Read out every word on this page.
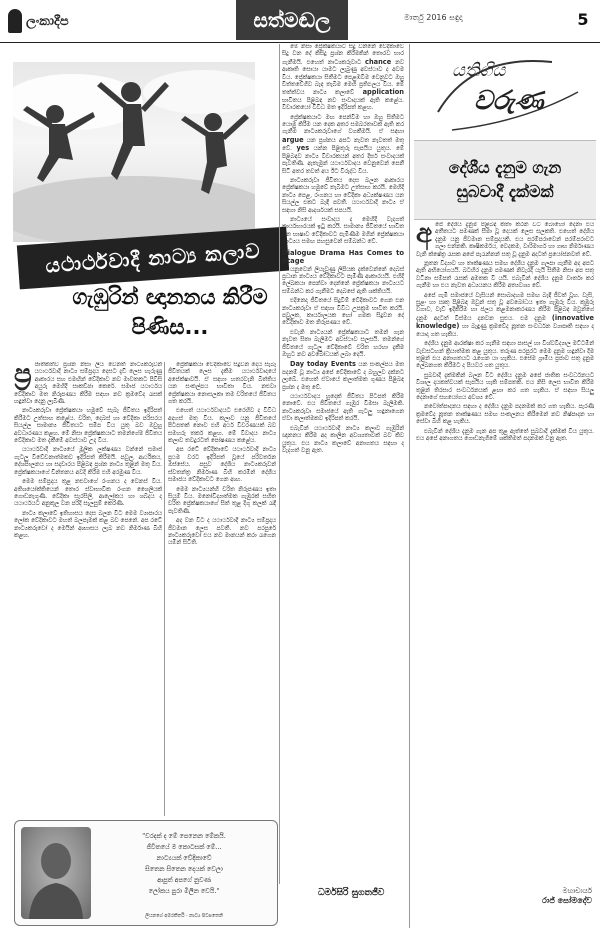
ලංකාදීප	සත්මඬල	මාර්තු 2016 සඳුදා	5
යථාර්ථවාදී නාට්‍ය කලාව
ගැඹුරින් ඥානනය කිරීම
පිණිස...

ප්‍ර ජාතිකත්ව ප්‍රශ්න නිසා ලිය වෙනත් නාට්‍යකරුවන් යථාර්ථවාදී නාට්‍ය සම්ප්‍රදාය දෙසට දැඩි ලෙස හැරුණු ආකාරය සහ එමඟින් වේදිකාව නව මාවතකට පිවිසි අයුරු මෙහිදී සාකච්ඡා කෙරේ. සමාජ යථාර්ථය වේදිකාව මත නිරූපණය කිරීම සඳහා නව ක්‍රමවේද රැසක් හඳුන්වා දෙනු ලැබිණි.

නාට්‍යකරුවා ප්‍රේක්ෂකයා හමුවේ සැබෑ ජීවිතය ඉදිරිපත් කිරීමට උත්සාහ කළේය. චරිත, දෙබස් හා වේදිකා පරිසරය සියල්ල සාමාන්‍ය ජීවිතයට සමීප විය යුතු බව ඔවුහු අවධාරණය කළහ. මේ නිසා ප්‍රේක්ෂකයාට තමන්ගේම ජීවිතය වේදිකාව මත දැකීමේ අවස්ථාව උදා විය.

යථාර්ථවාදී නාට්‍යයේ මූලික ලක්ෂණය වන්නේ සමාජ ගැටලු විවේචනාත්මකව ඉදිරිපත් කිරීමයි. පවුල, ආර්ථිකය, දේශපාලනය හා සදාචාරය පිළිබඳ ප්‍රශ්න නාට්‍ය තුළින් මතු විය. ප්‍රේක්ෂකයාගේ චින්තනය අවදි කිරීම එහි අරමුණ විය.

මෙම සම්ප්‍රදාය තුළ නළුවාගේ රංගනය ද වෙනස් විය. අතිශයෝක්තියෙන් තොර ස්වාභාවික රංගන ශෛලියක් ගොඩනැගුණි. වේදිකා සැරසිලි, ආලෝකය හා ශබ්දය ද යථාර්ථයට අනුකූල වන පරිදි සැලසුම් කෙරිණි.

නාට්‍ය කලාවේ ඉතිහාසය දෙස බලන විට මෙම ව්‍යාපාරය ලෝක වේදිකාවට මහත් බලපෑමක් කළ බව පෙනේ. අප රටේ නාට්‍යකරුවෝ ද මෙයින් ආභාසය ලැබ නව නිර්මාණ බිහි කළහ.

ප්‍රේක්ෂකයා වේදිකාවේ සිදුවන දෙය සැබෑ ජීවිතයක් ලෙස දැකීම යථාර්ථවාදයේ අපේක්ෂාවයි. ඒ සඳහා හතරවැනි බිත්තිය යන සංකල්පය භාවිතා විය. නළුවා ප්‍රේක්ෂකයා නොසලකා තම චරිතයේ ජීවිතය ගත කරයි.

එහෙත් යථාර්ථවාදයට එරෙහිව ද විවිධ අදහස් මතු විය. කලාව යනු ජීවිතයේ පිටපතක් නොව එහි අර්ථ විවරණයක් බව සමහරු තර්ක කළහ. මේ විවාදය නාට්‍ය කලාව තවදුරටත් පෝෂණය කළේය.

අප රටේ වේදිකාවේ යථාර්ථවාදී නාට්‍ය ප්‍රථම වරට ඉදිරිපත් වූයේ පරිවර්තන ඔස්සේය. පසුව දේශීය නාට්‍යකරුවන් ස්වතන්ත්‍ර නිර්මාණ බිහි කරමින් දේශීය සමාජය වේදිකාවට ගෙන ආහ.

මෙම නාට්‍යයන්හි චරිත නිරූපණය ඉතා සියුම් විය. මනෝවිද්‍යාත්මක ගැඹුරක් සහිත චරිත ප්‍රේක්ෂකයාගේ සිත් තුළ දිගු කලක් රැඳී පැවතිණි.

අද වන විට ද යථාර්ථවාදී නාට්‍ය සම්ප්‍රදාය ජීවමාන ලෙස පවතී. නව පරපුරේ නාට්‍යකරුවෝ එය නව මානයන් කරා රැගෙන යමින් සිටිති.

මේ නිසා ප්‍රේක්ෂකයාට සිදු වන්නේ වේදිකාවේ සිදු වන දේ කිසිදු ප්‍රශ්න කිරීමකින් තොරව භාර ගැනීමයි. එහෙත් නාට්‍යකරුවාට chance නව ආකෘති සොයා යාමට ලැබුණු අවස්ථාව ද අවම විය. ප්‍රේක්ෂකයා සිතීමට පෙළඹවීම වෙනුවට ඔහු චිත්තවේගීව බැඳ තැබීම මෙහි ප්‍රතිඵලය විය. මේ තත්ත්වය නාට්‍ය කලාවේ application භාවිතය පිළිබඳ නව සංවාදයක් ඇති කළේය. විචාරකයෝ විවිධ මත ඉදිරිපත් කළහ.

ප්‍රේක්ෂකයාට මඟ පෙන්වීම හා ඔහු සිතීමට යොමු කිරීම යන දෙක අතර සමබරතාවක් ඇති කර ගැනීම නාට්‍යකරුවාගේ වගකීමයි. ඒ සඳහා argue යන ප්‍රශ්නය අපට නැවත නැවතත් මතු වේ. yes යන්න පිළිතුරු සැපයිය යුතුය. මේ පිළිබඳව නාට්‍ය විචාරකයන් අතර දීර්ඝ සංවාදයක් පැවතිණි. ඇතැමුන් යථාර්ථවාදය වෙනුවෙන් පෙනී සිටි අතර තවත් අය ඊට විරුද්ධ විය.

නාට්‍යකරුවා ජීවිතය දෙස බලන ආකාරය ප්‍රේක්ෂකයා හමුවේ තැබීමට උත්සාහ කරයි. මෙහිදී නාට්‍ය පෙළ, රංගනය හා වේදිකා අධ්‍යක්ෂණය යන සියල්ල එකට බැඳී පවතී. යථාර්ථවාදී නාට්‍ය ඒ සඳහා නිසි ආදර්ශයක් සපයයි.

නාට්‍යයේ සංවාදය ද මෙහිදී වැදගත් කාර්යභාරයක් ඉටු කරයි. සාමාන්‍ය ජීවිතයේ භාවිත වන භාෂාව වේදිකාවට පැමිණීම මගින් ප්‍රේක්ෂකයා නාට්‍යය සමඟ පහසුවෙන් සම්බන්ධ වේ.

Dialogue Drama Has Comes to Stage

යනුවෙන් ලියැවුණු ලිපියක දැක්වෙන්නේ දෙබස් ප්‍රධාන නාට්‍යය වේදිකාවට පැමිණි ආකාරයයි. එහිදී ලේඛකයා පෙන්වා දෙන්නේ ප්‍රේක්ෂකයා නාට්‍යයට සම්බන්ධ කර ගැනීමට දෙබසේ ඇති ශක්තියයි.

එදිනෙදා ජීවිතයේ සිදුවීම් වේදිකාවට ගෙන එන නාට්‍යකරුවා ඒ සඳහා විවිධ උපක්‍රම භාවිත කරයි. පවුලක, කාර්යාලයක හෝ ගමක සිදුවන දේ වේදිකාව මත නිරූපණය වේ.

එවැනි නාට්‍යයන් ප්‍රේක්ෂකයාට තමන් ගැන නැවත සිතා බැලීමට අවස්ථාව සලසයි. තමන්ගේ ජීවිතයේ ගැටලු වේදිකාවේ චරිත හරහා දැකීම ඔහුට නව අවබෝධයක් ලබා දෙයි.

Day today Events යන සංකල්පය මත පදනම් වූ නාට්‍ය අපේ වේදිකාවේ ද බහුලව දක්නට ලැබේ. එහෙත් ඒවායේ කලාත්මක ගුණය පිළිබඳ ප්‍රශ්න ද මතු වේ.

යථාර්ථවාදය හුදෙක් ජීවිතය පිටපත් කිරීම නොවේ. එය ජීවිතයේ ගැඹුර විමසා බැලීමකි. නාට්‍යකරුවා සමාජයේ ඇති ගැටලු හඳුනාගෙන ඒවා කලාත්මකව ඉදිරිපත් කරයි.

එබැවින් යථාර්ථවාදී නාට්‍ය කලාව ගැඹුරින් ඥානනය කිරීම අද කාලීන අවශ්‍යතාවක් බව කිව යුතුය. එය නාට්‍ය කලාවේ අනාගතය සඳහා ද වැදගත් වනු ඇත.

"වරදක් ද මේ පෙනෙන මේකයි.
ජීවිතයේ ම කොටසක් මේ...
නාට්‍යයක් වේදිකාවේ
සිතෙන සිතෙන දෙයක් වෙලා
ආපුත් අපගේ නුවණ
ලෝකය පුරා මිලින වෙයි."
ලියනගේ අමරකීර්ති - නාට්‍ය පිටපතෙනි
ධර්මසිරි සුගතජීව
යතිගිය
වරුණ
දේශීය දැනුම ගැන
සුබවාදී දැක්මක්

අපේ දේශීය දැනුම පිළිබඳ කතා කරන විට බොහෝ දෙනා එය අතීතයට පමණක් සීමා වූ දෙයක් ලෙස සලකති. එහෙත් දේශීය දැනුම යනු ජීවමාන සම්ප්‍රදායකි. එය පරම්පරාවෙන් පරම්පරාවට ගලා එන්නකි. කෘෂිකර්මය, වෙදකම, වාරිමාර්ග හා ගෘහ නිර්මාණය වැනි ක්ෂේත්‍ර රැසක අපේ පැරැන්නන් සතු වූ දැනුම අදටත් ප්‍රයෝජනවත් වේ.

නූතන විද්‍යාව හා තාක්ෂණය සමඟ දේශීය දැනුම ගලපා ගැනීම අද අපට ඇති අභියෝගයයි. බටහිර දැනුම පමණක් නිවැරදි යැයි සිතීම නිසා අප සතු වටිනා සම්පත් රැසක් අමතක වී යයි. එබැවින් දේශීය දැනුම වාර්තා කර ගැනීම හා එය නැවත අධ්‍යයනය කිරීම අත්‍යවශ්‍ය වේ.

අපේ ගැමි සමාජයේ වැසියන් සොබාදහම සමඟ බැඳී ජීවත් වූහ. වැසි, සුළං හා ඍතු පිළිබඳ ඔවුන් සතු වූ අවබෝධය ඉතා ගැඹුරු විය. කුඹුරු වගාව, වැව් ඉදිකිරීම හා ජලය කළමනාකරණය කිරීම පිළිබඳ ඔවුන්ගේ දැනුම අදටත් විස්මය දනවන සුළුය. එම දැනුම (innovative knowledge) හා බැඳුණු ක්‍රමවේද නූතන සංවර්ධන ව්‍යාපෘති සඳහා ද යොදා ගත හැකිය.

දේශීය දැනුම ආරක්ෂා කර ගැනීම සඳහා පාසල් හා විශ්වවිද්‍යාල මට්ටමින් වැඩසටහන් ක්‍රියාත්මක කළ යුතුය. තරුණ පරපුරට මෙම දැනුම හඳුන්වා දීම තුළින් එය අනාගතයට රැගෙන යා හැකිය. එසේම ග්‍රාමීය ප්‍රජාව සතු දැනුම ලේඛනගත කිරීමට ද පියවර ගත යුතුය.

සුබවාදී දැක්මකින් බලන විට දේශීය දැනුම අපේ ජාතික සංවර්ධනයට විශාල දායකත්වයක් සැපයිය හැකි සම්පතකි. එය නිසි ලෙස භාවිත කිරීම තුළින් තිරසාර සංවර්ධනයක් ළඟා කර ගත හැකිය. ඒ සඳහා සියලු දෙනාගේ සහයෝගය අවශ්‍ය වේ.

නවෝත්පාදනය සඳහා ද දේශීය දැනුම පදනමක් කර ගත හැකිය. පැරණි ක්‍රමවේද නූතන තාක්ෂණය සමඟ සංකලනය කිරීමෙන් නව නිෂ්පාදන හා සේවා බිහි කළ හැකිය.

එබැවින් දේශීය දැනුම ගැන අප තුළ ඇත්තේ සුබවාදී දැක්මක් විය යුතුය. එය අපේ අනාගතය ගොඩනැගීමේ ශක්තිමත් පදනමක් වනු ඇත.

මහාචාර්ය
රාජ් සෝමදේව
